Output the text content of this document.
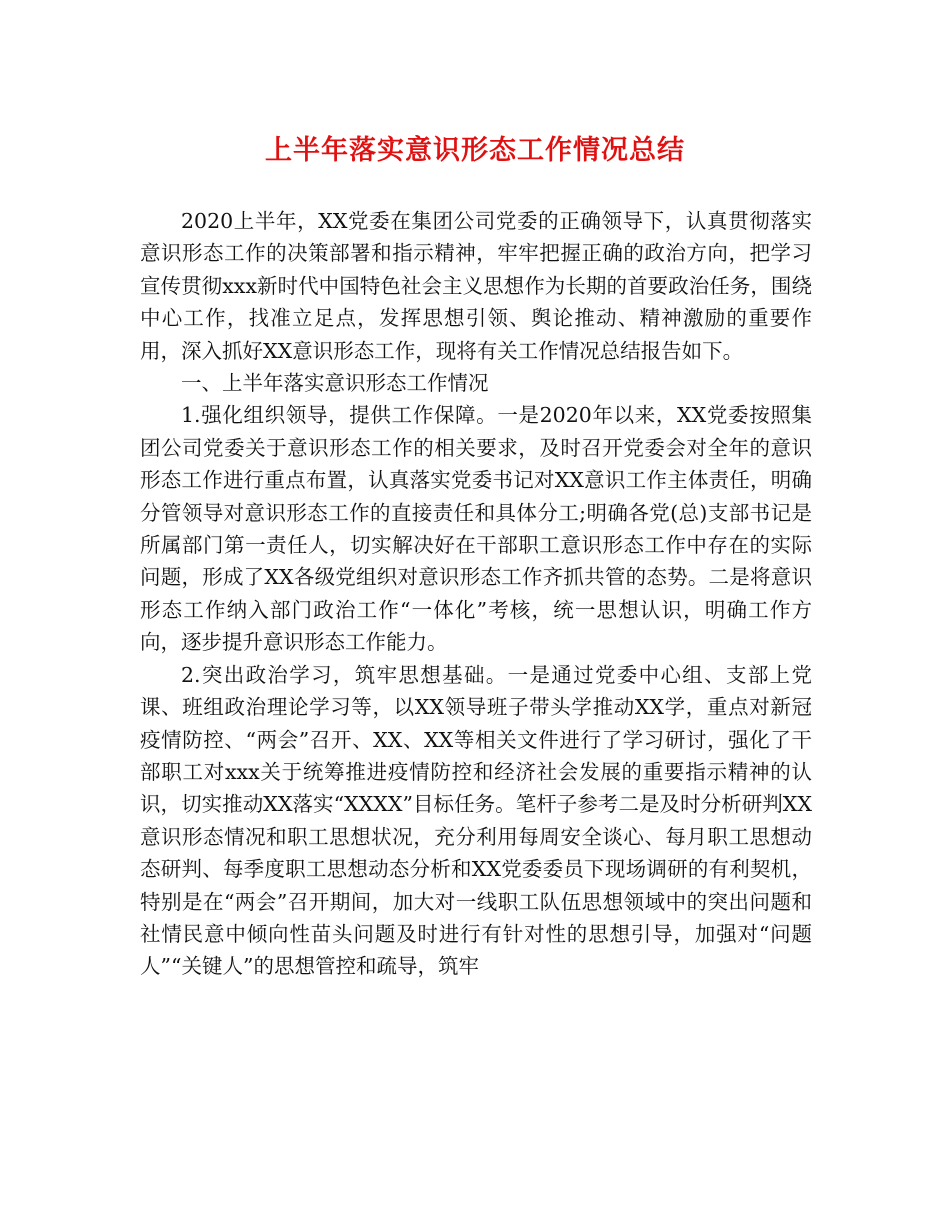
上半年落实意识形态工作情况总结

2020上半年，XX党委在集团公司党委的正确领导下，认真贯彻落实意识形态工作的决策部署和指示精神，牢牢把握正确的政治方向，把学习宣传贯彻xxx新时代中国特色社会主义思想作为长期的首要政治任务，围绕中心工作，找准立足点，发挥思想引领、舆论推动、精神激励的重要作用，深入抓好XX意识形态工作，现将有关工作情况总结报告如下。

一、上半年落实意识形态工作情况

1.强化组织领导，提供工作保障。一是2020年以来，XX党委按照集团公司党委关于意识形态工作的相关要求，及时召开党委会对全年的意识形态工作进行重点布置，认真落实党委书记对XX意识工作主体责任，明确分管领导对意识形态工作的直接责任和具体分工;明确各党(总)支部书记是所属部门第一责任人，切实解决好在干部职工意识形态工作中存在的实际问题，形成了XX各级党组织对意识形态工作齐抓共管的态势。二是将意识形态工作纳入部门政治工作“一体化”考核，统一思想认识，明确工作方向，逐步提升意识形态工作能力。

2.突出政治学习，筑牢思想基础。一是通过党委中心组、支部上党课、班组政治理论学习等，以XX领导班子带头学推动XX学，重点对新冠疫情防控、“两会”召开、XX、XX等相关文件进行了学习研讨，强化了干部职工对xxx关于统筹推进疫情防控和经济社会发展的重要指示精神的认识，切实推动XX落实“XXXX”目标任务。笔杆子参考二是及时分析研判XX意识形态情况和职工思想状况，充分利用每周安全谈心、每月职工思想动态研判、每季度职工思想动态分析和XX党委委员下现场调研的有利契机，特别是在“两会”召开期间，加大对一线职工队伍思想领域中的突出问题和社情民意中倾向性苗头问题及时进行有针对性的思想引导，加强对“问题人”“关键人”的思想管控和疏导，筑牢
